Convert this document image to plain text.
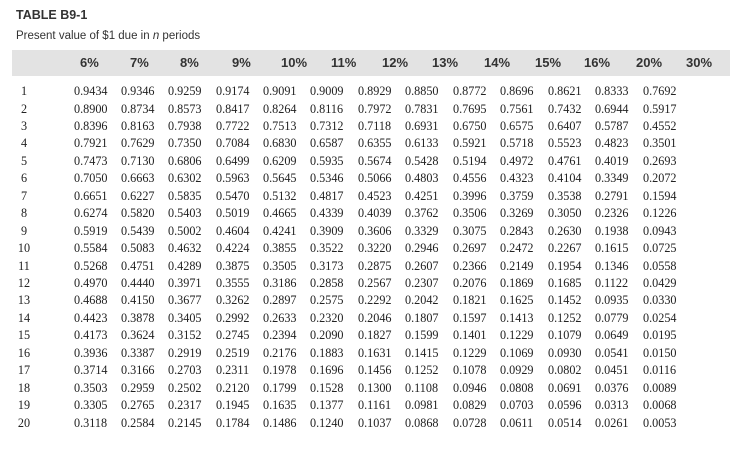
TABLE B9-1
Present value of $1 due in n periods
6% 7% 8%	9% 10% 11% 12% 13% 14% 15% 16% 20% 30%
1	0.9434 0.9346 0.9259 0.9174 0.9091 0.9009 0.8929 0.8850 0.8772 0.8696 0.8621 0.8333 0.7692
2	0.8900 0.8734 0.8573 0.8417 0.8264 0.8116 0.7972 0.7831 0.7695 0.7561 0.7432 0.6944 0.5917
3	0.8396 0.8163 0.7938 0.7722 0.7513 0.7312 0.7118 0.6931 0.6750 0.6575 0.6407 0.5787 0.4552
4	0.7921 0.7629 0.7350 0.7084 0.6830 0.6587 0.6355 0.6133 0.5921 0.5718 0.5523 0.4823 0.3501
5	0.7473 0.7130 0.6806 0.6499 0.6209 0.5935 0.5674 0.5428 0.5194 0.4972 0.4761 0.4019 0.2693
6	0.7050 0.6663 0.6302 0.5963 0.5645 0.5346 0.5066 0.4803 0.4556 0.4323 0.4104 0.3349 0.2072
7	0.6651 0.6227 0.5835 0.5470 0.5132 0.4817 0.4523 0.4251 0.3996 0.3759 0.3538 0.2791 0.1594
8	0.6274 0.5820 0.5403 0.5019 0.4665 0.4339 0.4039 0.3762 0.3506 0.3269 0.3050 0.2326 0.1226
9	0.5919 0.5439 0.5002 0.4604 0.4241 0.3909 0.3606 0.3329 0.3075 0.2843 0.2630 0.1938 0.0943
10	0.5584 0.5083 0.4632 0.4224 0.3855 0.3522 0.3220 0.2946 0.2697 0.2472 0.2267 0.1615 0.0725
11	0.5268 0.4751 0.4289 0.3875 0.3505 0.3173 0.2875 0.2607 0.2366 0.2149 0.1954 0.1346 0.0558
12	0.4970 0.4440 0.3971 0.3555 0.3186 0.2858 0.2567 0.2307 0.2076 0.1869 0.1685 0.1122 0.0429
13	0.4688 0.4150 0.3677 0.3262 0.2897 0.2575 0.2292 0.2042 0.1821 0.1625 0.1452 0.0935 0.0330
14	0.4423 0.3878 0.3405 0.2992 0.2633 0.2320 0.2046 0.1807 0.1597 0.1413 0.1252 0.0779 0.0254
15	0.4173 0.3624 0.3152 0.2745 0.2394 0.2090 0.1827 0.1599 0.1401 0.1229 0.1079 0.0649 0.0195
16	0.3936 0.3387 0.2919 0.2519 0.2176 0.1883 0.1631 0.1415 0.1229 0.1069 0.0930 0.0541 0.0150
17	0.3714 0.3166 0.2703 0.2311 0.1978 0.1696 0.1456 0.1252 0.1078 0.0929 0.0802 0.0451 0.0116
18	0.3503 0.2959 0.2502 0.2120 0.1799 0.1528 0.1300 0.1108 0.0946 0.0808 0.0691 0.0376 0.0089
19	0.3305 0.2765 0.2317 0.1945 0.1635 0.1377 0.1161 0.0981 0.0829 0.0703 0.0596 0.0313 0.0068
20	0.3118 0.2584 0.2145 0.1784 0.1486 0.1240 0.1037 0.0868 0.0728 0.0611 0.0514 0.0261 0.0053
